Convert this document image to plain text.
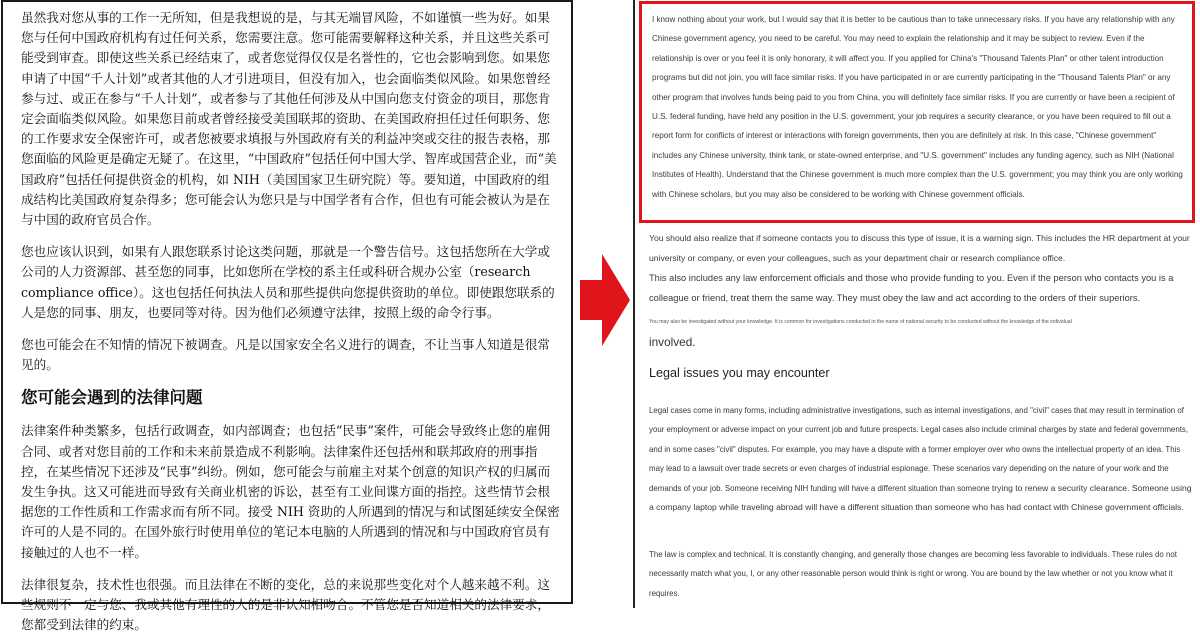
虽然我对您从事的工作一无所知，但是我想说的是，与其无端冒风险，不如谨慎一些为好。如果您与任何中国政府机构有过任何关系，您需要注意。您可能需要解释这种关系，并且这些关系可能受到审查。即使这些关系已经结束了，或者您觉得仅仅是名誉性的，它也会影响到您。如果您申请了中国“千人计划”或者其他的人才引进项目，但没有加入，也会面临类似风险。如果您曾经参与过、或正在参与“千人计划”，或者参与了其他任何涉及从中国向您支付资金的项目，那您肯定会面临类似风险。如果您目前或者曾经接受美国联邦的资助、在美国政府担任过任何职务、您的工作要求安全保密许可，或者您被要求填报与外国政府有关的利益冲突或交往的报告表格，那您面临的风险更是确定无疑了。在这里，“中国政府”包括任何中国大学、智库或国营企业，而“美国政府”包括任何提供资金的机构，如 NIH（美国国家卫生研究院）等。要知道，中国政府的组成结构比美国政府复杂得多；您可能会认为您只是与中国学者有合作，但也有可能会被认为是在与中国的政府官员合作。

您也应该认识到，如果有人跟您联系讨论这类问题，那就是一个警告信号。这包括您所在大学或公司的人力资源部、甚至您的同事，比如您所在学校的系主任或科研合规办公室（research compliance office）。这也包括任何执法人员和那些提供向您提供资助的单位。即使跟您联系的人是您的同事、朋友，也要同等对待。因为他们必须遵守法律，按照上级的命令行事。

您也可能会在不知情的情况下被调查。凡是以国家安全名义进行的调查，不让当事人知道是很常见的。

您可能会遇到的法律问题

法律案件种类繁多，包括行政调查，如内部调查；也包括“民事”案件，可能会导致终止您的雇佣合同、或者对您目前的工作和未来前景造成不利影响。法律案件还包括州和联邦政府的刑事指控，在某些情况下还涉及“民事”纠纷。例如，您可能会与前雇主对某个创意的知识产权的归属而发生争执。这又可能进而导致有关商业机密的诉讼，甚至有工业间谍方面的指控。这些情节会根据您的工作性质和工作需求而有所不同。接受 NIH 资助的人所遇到的情况与和试图延续安全保密许可的人是不同的。在国外旅行时使用单位的笔记本电脑的人所遇到的情况和与中国政府官员有接触过的人也不一样。

法律很复杂，技术性也很强。而且法律在不断的变化，总的来说那些变化对个人越来越不利。这些规则不一定与您、我或其他有理性的人的是非认知相吻合。不管您是否知道相关的法律要求，您都受到法律的约束。

I know nothing about your work, but I would say that it is better to be cautious than to take unnecessary risks. If you have any relationship with any Chinese government agency, you need to be careful. You may need to explain the relationship and it may be subject to review. Even if the relationship is over or you feel it is only honorary, it will affect you. If you applied for China's "Thousand Talents Plan" or other talent introduction programs but did not join, you will face similar risks. If you have participated in or are currently participating in the "Thousand Talents Plan" or any other program that involves funds being paid to you from China, you will definitely face similar risks. If you are currently or have been a recipient of U.S. federal funding, have held any position in the U.S. government, your job requires a security clearance, or you have been required to fill out a report form for conflicts of interest or interactions with foreign governments, then you are definitely at risk. In this case, "Chinese government" includes any Chinese university, think tank, or state-owned enterprise, and "U.S. government" includes any funding agency, such as NIH (National Institutes of Health). Understand that the Chinese government is much more complex than the U.S. government; you may think you are only working with Chinese scholars, but you may also be considered to be working with Chinese government officials.
You should also realize that if someone contacts you to discuss this type of issue, it is a warning sign. This includes the HR department at your university or company, or even your colleagues, such as your department chair or research compliance office.
This also includes any law enforcement officials and those who provide funding to you. Even if the person who contacts you is a colleague or friend, treat them the same way. They must obey the law and act according to the orders of their superiors.
You may also be investigated without your knowledge. It is common for investigations conducted in the name of national security to be conducted without the knowledge of the individual
involved.
Legal issues you may encounter
Legal cases come in many forms, including administrative investigations, such as internal investigations, and "civil" cases that may result in termination of your employment or adverse impact on your current job and future prospects. Legal cases also include criminal charges by state and federal governments, and in some cases "civil" disputes. For example, you may have a dispute with a former employer over who owns the intellectual property of an idea. This may lead to a lawsuit over trade secrets or even charges of industrial espionage. These scenarios vary depending on the nature of your work and the demands of your job. Someone receiving NIH funding will have a different situation than someone trying to renew a security clearance. Someone using a company laptop while traveling abroad will have a different situation than someone who has had contact with Chinese government officials.
The law is complex and technical. It is constantly changing, and generally those changes are becoming less favorable to individuals. These rules do not necessarily match what you, I, or any other reasonable person would think is right or wrong. You are bound by the law whether or not you know what it requires.
